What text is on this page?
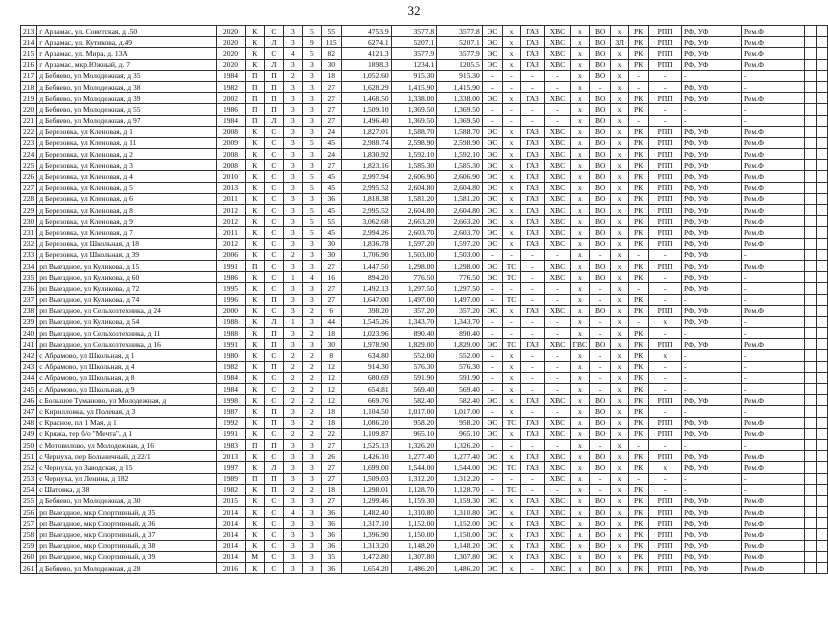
32
213	г Арзамас, ул. Советская, д .50	2020	К	С	3	5	55	4753.9	3577.8	3577.8	ЭС	х	ГАЗ	ХВС	х	ВО	х	РК	РПП	РФ, УФ	Рем.Ф		
214	г Арзамас, ул. Кутикова, д.49	2020	К	Л	3	9	115	6274.1	5207.1	5207.1	ЭС	х	ГАЗ	ХВС	х	ВО	ЗЛ	РК	РПП	РФ, УФ	Рем.Ф		
215	г Арзамас, ул. Мира, д. 13А	2020	К	С	4	5	82	4121.3	3577.9	3577.9	ЭС	х	ГАЗ	ХВС	х	ВО	х	РК	РПП	РФ, УФ	Рем.Ф		
216	г Арзамас, мкр.Южный, д. 7	2020	К	Л	3	3	30	1898.3	1234.1	1205.5	ЭС	х	ГАЗ	ХВС	х	ВО	х	РК	РПП	РФ, УФ	Рем.Ф		
217	д Бебяево, ул Молодежная, д 35	1984	П	П	2	3	18	1,052.60	915.30	915.30	-	-	-	-	х	ВО	х	-	-	-	-		
218	д Бебяево, ул Молодежная, д 38	1982	П	П	3	3	27	1,628.29	1,415.90	1,415.90	-	-	-	-	х	-	х	-	-	РФ, УФ	-		
219	д Бебяево, ул Молодежная, д 39	2002	П	П	3	3	27	1,468.50	1,338.00	1,338.00	ЭС	х	ГАЗ	ХВС	х	ВО	х	РК	РПП	РФ, УФ	Рем.Ф		
220	д Бебяево, ул Молодежная, д 55	1986	П	П	3	3	27	1,509.10	1,369.50	1,369.50	-	-	-	-	х	ВО	х	РК	-	-	-		
221	д Бебяево, ул Молодежная, д 97	1984	П	Л	3	3	27	1,496.40	1,369.50	1,369.50	-	-	-	-	х	ВО	х	-	-	-	-		
222	д Березовка, ул Кленовая, д 1	2008	К	С	3	3	24	1,827.01	1,588.70	1,588.70	ЭС	х	ГАЗ	ХВС	х	ВО	х	РК	РПП	РФ, УФ	Рем.Ф		
223	д Березовка, ул Кленовая, д 11	2009	К	С	3	5	45	2,988.74	2,598.90	2,598.90	ЭС	х	ГАЗ	ХВС	х	ВО	х	РК	РПП	РФ, УФ	Рем.Ф		
224	д Березовка, ул Кленовая, д 2	2008	К	С	3	3	24	1,830.92	1,592.10	1,592.10	ЭС	х	ГАЗ	ХВС	х	ВО	х	РК	РПП	РФ, УФ	Рем.Ф		
225	д Березовка, ул Кленовая, д 3	2008	К	С	3	3	27	1,823.16	1,585.30	1,585.30	ЭС	х	ГАЗ	ХВС	х	ВО	х	РК	РПП	РФ, УФ	Рем.Ф		
226	д Березовка, ул Кленовая, д 4	2010	К	С	3	5	45	2,997.94	2,606.90	2,606.90	ЭС	х	ГАЗ	ХВС	х	ВО	х	РК	РПП	РФ, УФ	Рем.Ф		
227	д Березовка, ул Кленовая, д 5	2013	К	С	3	5	45	2,995.52	2,604.80	2,604.80	ЭС	х	ГАЗ	ХВС	х	ВО	х	РК	РПП	РФ, УФ	Рем.Ф		
228	д Березовка, ул Кленовая, д 6	2011	К	С	3	3	36	1,818.38	1,581.20	1,581.20	ЭС	х	ГАЗ	ХВС	х	ВО	х	РК	РПП	РФ, УФ	Рем.Ф		
229	д Березовка, ул Кленовая, д 8	2012	К	С	3	5	45	2,995.52	2,604.80	2,604.80	ЭС	х	ГАЗ	ХВС	х	ВО	х	РК	РПП	РФ, УФ	Рем.Ф		
230	д Березовка, ул Кленовая, д 9	2012	К	С	3	5	55	3,062.68	2,663.20	2,663.20	ЭС	х	ГАЗ	ХВС	х	ВО	х	РК	РПП	РФ, УФ	Рем.Ф		
231	д Березовка, ул Кленовая, д 7	2011	К	С	3	5	45	2,994.26	2,603.70	2,603.70	ЭС	х	ГАЗ	ХВС	х	ВО	х	РК	РПП	РФ, УФ	Рем.Ф		
232	д Березовка, ул Школьная, д 18	2012	К	С	3	3	30	1,836.78	1,597.20	1,597.20	ЭС	х	ГАЗ	ХВС	х	ВО	х	РК	РПП	РФ, УФ	Рем.Ф		
233	д Березовка, ул Школьная, д 39	2006	К	С	2	3	30	1,706.90	1,503.00	1,503.00	-	-	-	-	х	-	х	-	-	РФ, УФ	-		
234	рп Выездное, ул Куликова, д 15	1991	П	С	3	3	27	1,447.50	1,298.00	1,298.00	ЭС	ТС	-	ХВС	х	ВО	х	РК	РПП	РФ, УФ	Рем.Ф		
235	рп Выездное, ул Куликова, д 60	1986	К	С	1	4	16	894.20	776.50	776.50	ЭС	ТС	-	ХВС	х	ВО	х	РК	-	РФ, УФ	-		
236	рп Выездное, ул Куликова, д 72	1995	К	С	3	3	27	1,492.13	1,297.50	1,297.50	-	-	-	-	х	-	х	-	-	РФ, УФ	-		
237	рп Выездное, ул Куликова, д 74	1996	К	П	3	3	27	1,647.00	1,497.00	1,497.00	-	ТС	-	-	х	-	х	РК	-	-	-		
238	рп Выездное, ул Сельхозтехника, д 24	2000	К	С	3	2	6	398.20	357.20	357.20	ЭС	х	ГАЗ	ХВС	х	ВО	х	РК	РПП	РФ, УФ	Рем.Ф		
239	рп Выездное, ул Куликова, д 54	1988	К	Л	1	3	44	1,545.26	1,343.70	1,343.70	-	-	-	-	х	-	х	-	х	РФ, УФ	-		
240	рп Выездное, ул Сельхозтехника, д 11	1988	К	П	3	2	18	1,023.96	890.40	890.40	-	-	-	-	х	-	х	РК	-	-	-		
241	рп Выездное, ул Сельхозтехника, д 16	1991	К	П	3	3	30	1,978.90	1,829.00	1,829.00	ЭС	ТС	ГАЗ	ХВС	ГВС	ВО	х	РК	РПП	РФ, УФ	Рем.Ф		
242	с Абрамово, ул Школьная, д 1	1980	К	С	2	2	8	634.80	552.00	552.00	-	х	-	-	х	-	х	РК	х	-	-		
243	с Абрамово, ул Школьная, д 4	1982	К	П	2	2	12	914.30	576.30	576.30	-	х	-	-	х	-	х	РК	-	-	-		
244	с Абрамово, ул Школьная, д 8	1984	К	С	2	2	12	680.69	591.90	591.90	-	х	-	-	х	-	х	РК	-	-	-		
245	с Абрамово, ул Школьная, д 9	1984	К	С	2	2	12	654.81	569.40	569.40	-	х	-	-	х	-	х	РК	-	-	-		
246	с Большое Туманово, ул Молодежная, д	1998	К	С	2	2	12	669.76	582.40	582.40	ЭС	х	ГАЗ	ХВС	х	ВО	х	РК	РПП	РФ, УФ	Рем.Ф		
247	с Кирилловка, ул Полевая, д 3	1987	К	П	3	2	18	1,104.50	1,017.00	1,017.00	-	х	-	-	х	ВО	х	РК	-	-	-		
248	с Красное, пл 1 Мая, д 1	1992	К	П	3	2	18	1,086.20	958.20	958.20	ЭС	ТС	ГАЗ	ХВС	х	ВО	х	РК	РПП	РФ, УФ	Рем.Ф		
249	с Кряжа, тер б/о "Мечта", д 1	1991	К	С	2	2	22	1,109.87	965.10	965.10	ЭС	х	ГАЗ	ХВС	х	ВО	х	РК	РПП	РФ, УФ	Рем.Ф		
250	с Мотовилово, ул Молодежная, д 16	1983	П	П	3	3	27	1,525.13	1,326.20	1,326.20	-	-	-	-	х	-	х	-	-	-	-		
251	с Чернуха, пер Больничный, д 22/1	2013	К	С	3	3	26	1,426.10	1,277.40	1,277.40	ЭС	х	ГАЗ	ХВС	х	ВО	х	РК	РПП	РФ, УФ	Рем.Ф		
252	с Чернуха, ул Заводская, д 15	1997	К	Л	3	3	27	1,699.00	1,544.00	1,544.00	ЭС	ТС	ГАЗ	ХВС	х	ВО	х	РК	х	РФ, УФ	Рем.Ф		
253	с Чернуха, ул Ленина, д 182	1989	П	П	3	3	27	1,509.03	1,312.20	1,312.20	-	-	-	ХВС	х	-	х	-	-	-	-		
254	с Шатовка, д 38	1982	К	П	2	2	18	1,298.01	1,128.70	1,128.70	-	ТС	-	-	х	-	х	РК	-	-	-		
255	д Бебяево, ул Молодежная, д 30	2015	К	С	3	3	27	1,299.46	1,159.30	1,159.30	ЭС	х	ГАЗ	ХВС	х	ВО	х	РК	РПП	РФ, УФ	Рем.Ф		
256	рп Выездное, мкр Спортивный, д 35	2014	К	С	4	3	36	1,482.40	1,310.80	1,310.80	ЭС	х	ГАЗ	ХВС	х	ВО	х	РК	РПП	РФ, УФ	Рем.Ф		
257	рп Выездное, мкр Спортивный, д 36	2014	К	С	3	3	36	1,317.10	1,152.00	1,152.00	ЭС	х	ГАЗ	ХВС	х	ВО	х	РК	РПП	РФ, УФ	Рем.Ф		
258	рп Выездное, мкр Спортивный, д 37	2014	К	С	3	3	36	1,396.90	1,150.00	1,150.00	ЭС	х	ГАЗ	ХВС	х	ВО	х	РК	РПП	РФ, УФ	Рем.Ф		
259	рп Выездное, мкр Спортивный, д 38	2014	К	С	3	3	36	1,313.20	1,148.20	1,148.20	ЭС	х	ГАЗ	ХВС	х	ВО	х	РК	РПП	РФ, УФ	Рем.Ф		
260	рп Выездное, мкр Спортивный, д 39	2014	М	С	3	3	35	1,472.80	1,307.80	1,307.80	ЭС	х	ГАЗ	ХВС	х	ВО	х	РК	РПП	РФ, УФ	Рем.Ф		
261	д Бебяево, ул Молодежная, д 28	2016	К	С	3	3	36	1,654.20	1,486.20	1,486.20	ЭС	х	-	ХВС	х	ВО	х	РК	РПП	РФ, УФ	Рем.Ф		
